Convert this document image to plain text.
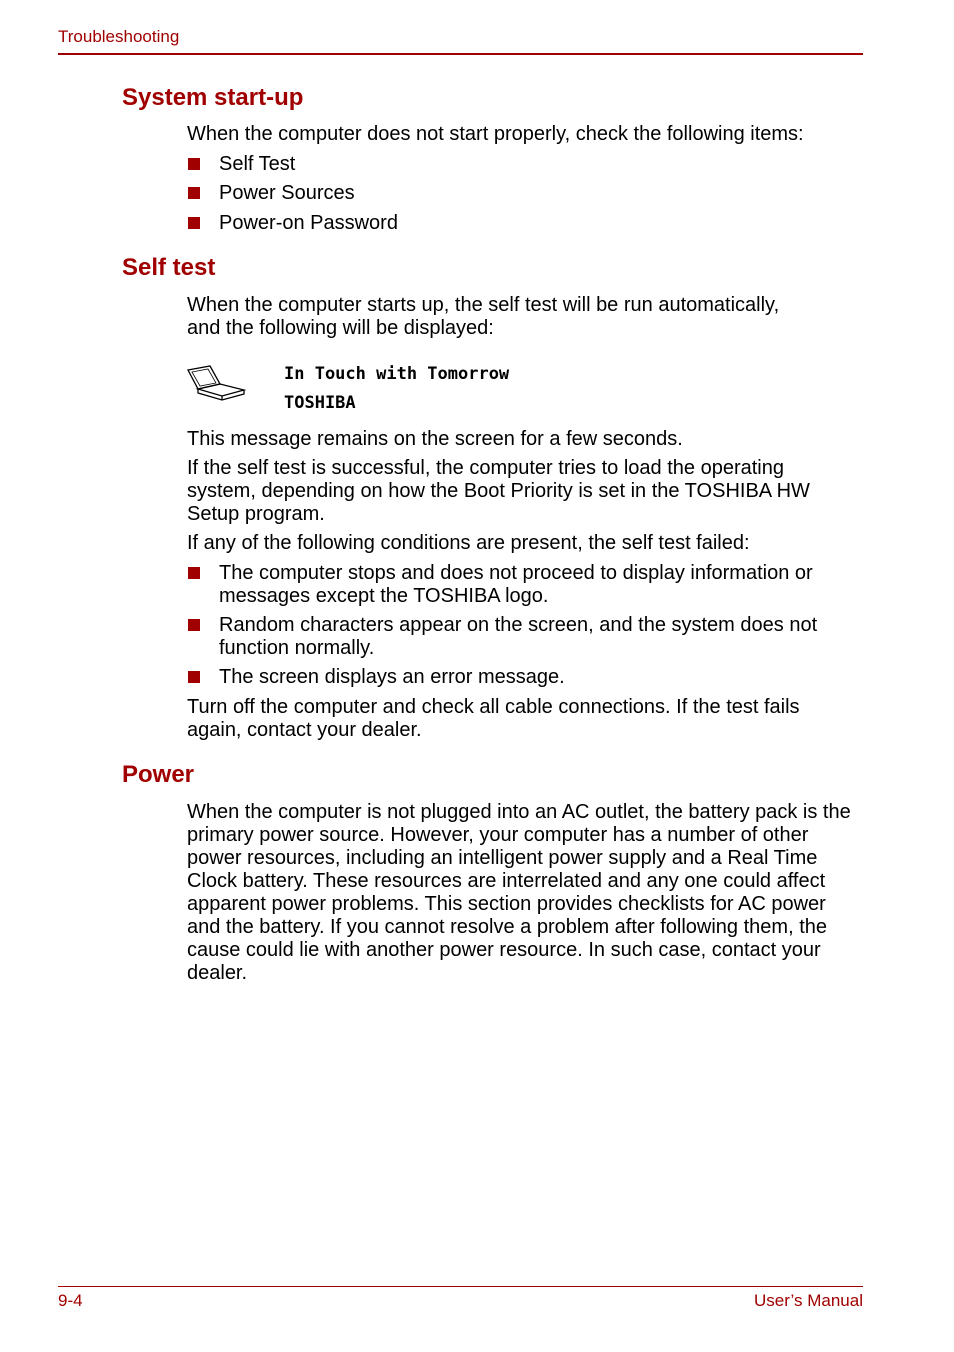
Troubleshooting
System start-up

When the computer does not start properly, check the following items:

Self Test
Power Sources
Power-on Password
Self test

When the computer starts up, the self test will be run automatically, and the following will be displayed:

In Touch with Tomorrow
TOSHIBA

This message remains on the screen for a few seconds.

If the self test is successful, the computer tries to load the operating system, depending on how the Boot Priority is set in the TOSHIBA HW Setup program.

If any of the following conditions are present, the self test failed:

The computer stops and does not proceed to display information or messages except the TOSHIBA logo.
Random characters appear on the screen, and the system does not function normally.
The screen displays an error message.

Turn off the computer and check all cable connections. If the test fails again, contact your dealer.

Power

When the computer is not plugged into an AC outlet, the battery pack is the primary power source. However, your computer has a number of other power resources, including an intelligent power supply and a Real Time Clock battery. These resources are interrelated and any one could affect apparent power problems. This section provides checklists for AC power and the battery. If you cannot resolve a problem after following them, the cause could lie with another power resource. In such case, contact your dealer.

9-4	User’s Manual
